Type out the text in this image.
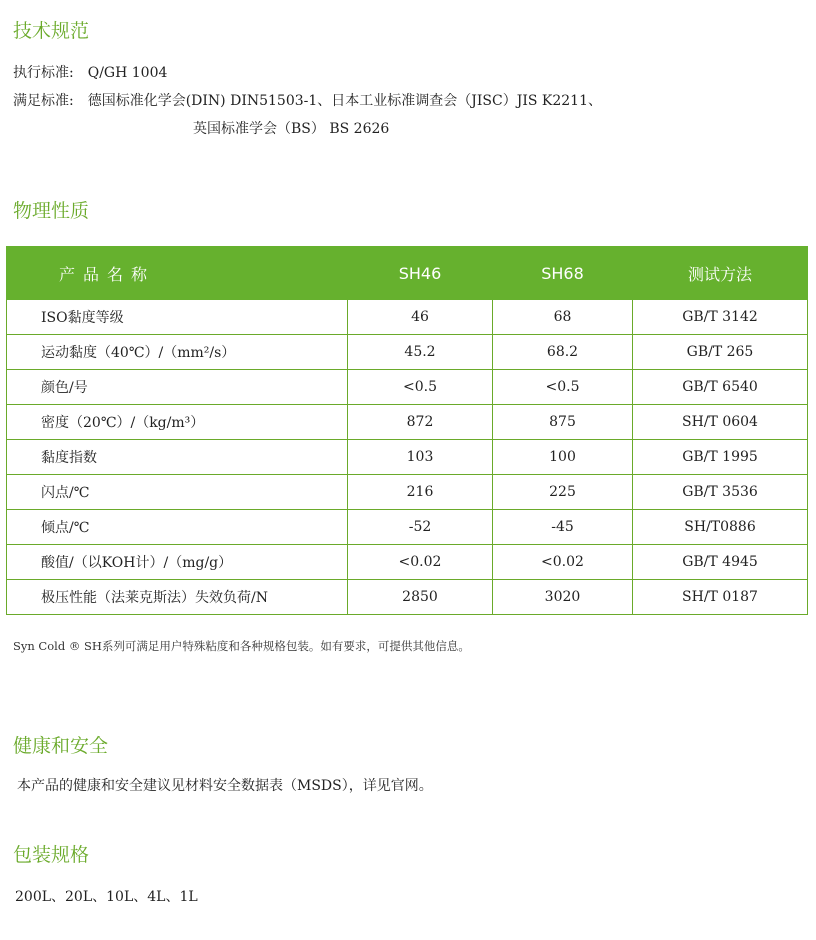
技术规范
执行标准: Q/GH 1004
满足标准: 德国标准化学会(DIN) DIN51503-1、日本工业标准调查会（JISC）JIS K2211、
英国标准学会（BS） BS 2626
物理性质
产品名称	SH46	SH68	测试方法
ISO黏度等级	46	68	GB/T 3142
运动黏度（40℃）/（mm²/s）	45.2	68.2	GB/T 265
颜色/号	<0.5	<0.5	GB/T 6540
密度（20℃）/（kg/m³）	872	875	SH/T 0604
黏度指数	103	100	GB/T 1995
闪点/℃	216	225	GB/T 3536
倾点/℃	-52	-45	SH/T0886
酸值/（以KOH计）/（mg/g）	<0.02	<0.02	GB/T 4945
极压性能（法莱克斯法）失效负荷/N	2850	3020	SH/T 0187
Syn Cold ® SH系列可满足用户特殊粘度和各种规格包装。如有要求，可提供其他信息。
健康和安全
本产品的健康和安全建议见材料安全数据表（MSDS），详见官网。
包装规格
200L、20L、10L、4L、1L
